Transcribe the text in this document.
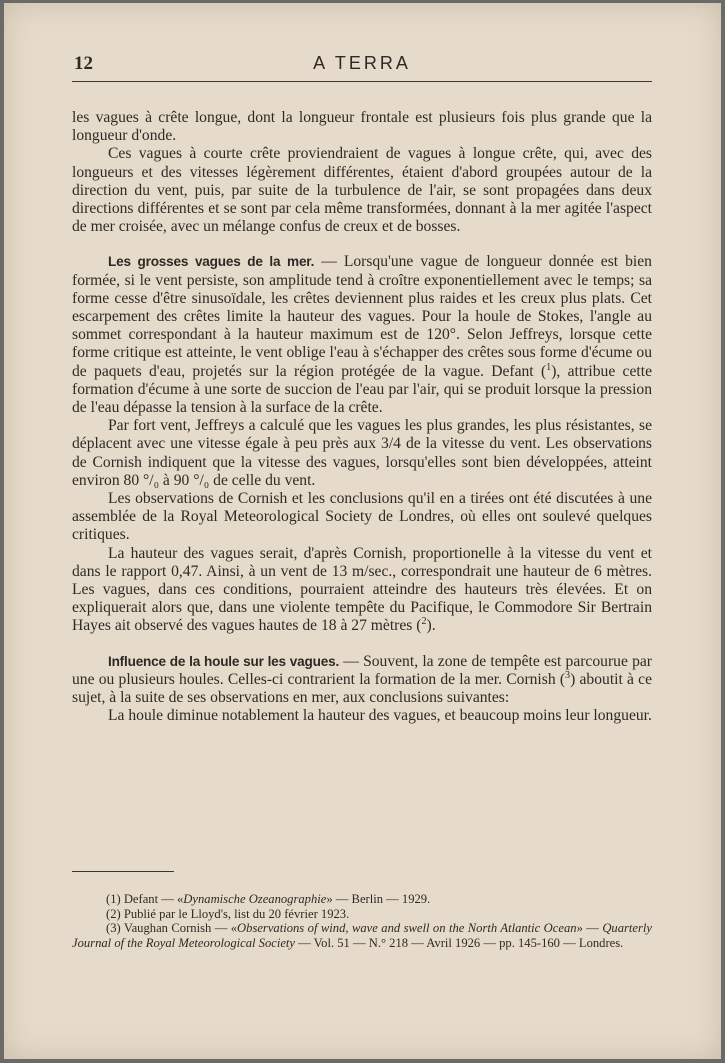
12	A TERRA

les vagues à crête longue, dont la longueur frontale est plusieurs fois plus grande que la longueur d'onde.

Ces vagues à courte crête proviendraient de vagues à longue crête, qui, avec des longueurs et des vitesses légèrement différentes, étaient d'abord groupées autour de la direction du vent, puis, par suite de la turbulence de l'air, se sont propagées dans deux directions différentes et se sont par cela même transformées, donnant à la mer agitée l'aspect de mer croisée, avec un mélange confus de creux et de bosses.

Les grosses vagues de la mer. — Lorsqu'une vague de longueur donnée est bien formée, si le vent persiste, son amplitude tend à croître exponentiellement avec le temps; sa forme cesse d'être sinusoïdale, les crêtes deviennent plus raides et les creux plus plats. Cet escarpement des crêtes limite la hauteur des vagues. Pour la houle de Stokes, l'angle au sommet correspondant à la hauteur maximum est de 120°. Selon Jeffreys, lorsque cette forme critique est atteinte, le vent oblige l'eau à s'échapper des crêtes sous forme d'écume ou de paquets d'eau, projetés sur la région protégée de la vague. Defant ($^1$), attribue cette formation d'écume à une sorte de succion de l'eau par l'air, qui se produit lorsque la pression de l'eau dépasse la tension à la surface de la crête.

Par fort vent, Jeffreys a calculé que les vagues les plus grandes, les plus résistantes, se déplacent avec une vitesse égale à peu près aux 3/4 de la vitesse du vent. Les observations de Cornish indiquent que la vitesse des vagues, lorsqu'elles sont bien développées, atteint environ 80 °/₀ à 90 °/₀ de celle du vent.

Les observations de Cornish et les conclusions qu'il en a tirées ont été discutées à une assemblée de la Royal Meteorological Society de Londres, où elles ont soulevé quelques critiques.

La hauteur des vagues serait, d'après Cornish, proportionelle à la vitesse du vent et dans le rapport 0,47. Ainsi, à un vent de 13 m/sec., correspondrait une hauteur de 6 mètres. Les vagues, dans ces conditions, pourraient atteindre des hauteurs très élevées. Et on expliquerait alors que, dans une violente tempête du Pacifique, le Commodore Sir Bertrain Hayes ait observé des vagues hautes de 18 à 27 mètres ($^2$).

Influence de la houle sur les vagues. — Souvent, la zone de tempête est parcourue par une ou plusieurs houles. Celles-ci contrarient la formation de la mer. Cornish ($^3$) aboutit à ce sujet, à la suite de ses observations en mer, aux conclusions suivantes:

La houle diminue notablement la hauteur des vagues, et beaucoup moins leur longueur.

(1) Defant — «Dynamische Ozeanographie» — Berlin — 1929.

(2) Publié par le Lloyd's, list du 20 février 1923.

(3) Vaughan Cornish — «Observations of wind, wave and swell on the North Atlantic Ocean» — Quarterly Journal of the Royal Meteorological Society — Vol. 51 — N.° 218 — Avril 1926 — pp. 145-160 — Londres.
